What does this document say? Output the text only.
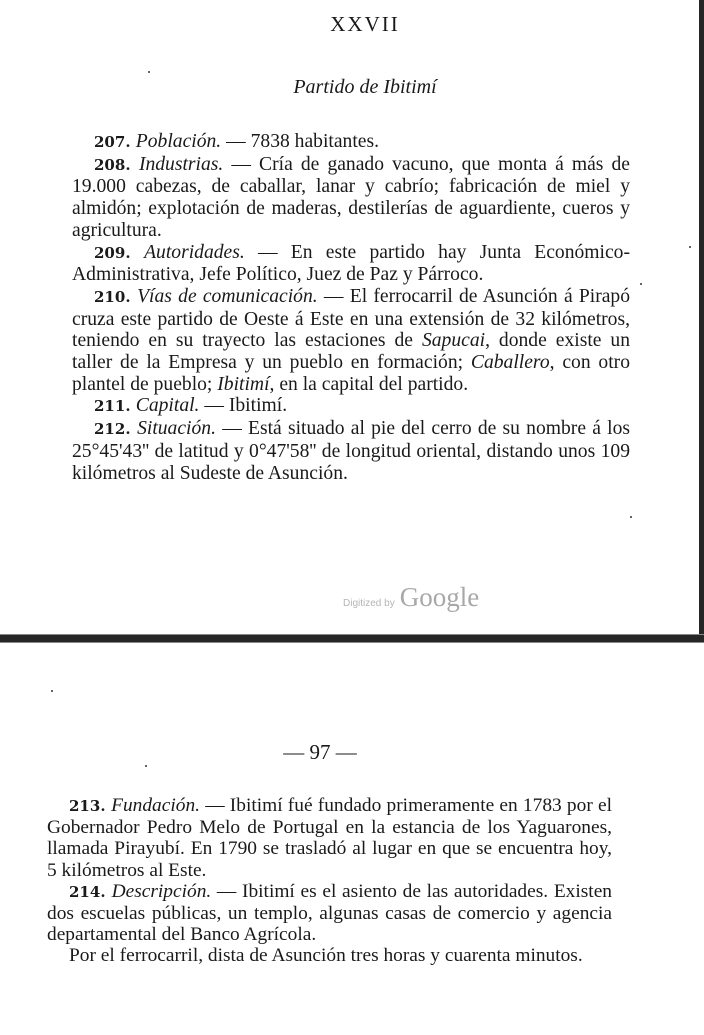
XXVII
Partido de Ibitimí

207. Población. — 7838 habitantes.

208. Industrias. — Cría de ganado vacuno, que monta á más de 19.000 cabezas, de caballar, lanar y cabrío; fabricación de miel y almidón; explotación de maderas, destilerías de aguardiente, cueros y agricultura.

209. Autoridades. — En este partido hay Junta Económico-Administrativa, Jefe Político, Juez de Paz y Párroco.

210. Vías de comunicación. — El ferrocarril de Asunción á Pirapó cruza este partido de Oeste á Este en una extensión de 32 kilómetros, teniendo en su trayecto las estaciones de Sapucai, donde existe un taller de la Empresa y un pueblo en formación; Caballero, con otro plantel de pueblo; Ibitimí, en la capital del partido.

211. Capital. — Ibitimí.

212. Situación. — Está situado al pie del cerro de su nombre á los 25°45'43'' de latitud y 0°47'58'' de longitud oriental, distando unos 109 kilómetros al Sudeste de Asunción.

Digitized by Google
— 97 —

213. Fundación. — Ibitimí fué fundado primeramente en 1783 por el Gobernador Pedro Melo de Portugal en la estancia de los Yaguarones, llamada Pirayubí. En 1790 se trasladó al lugar en que se encuentra hoy, 5 kilómetros al Este.

214. Descripción. — Ibitimí es el asiento de las autoridades. Existen dos escuelas públicas, un templo, algunas casas de comercio y agencia departamental del Banco Agrícola.

Por el ferrocarril, dista de Asunción tres horas y cuarenta minutos.
